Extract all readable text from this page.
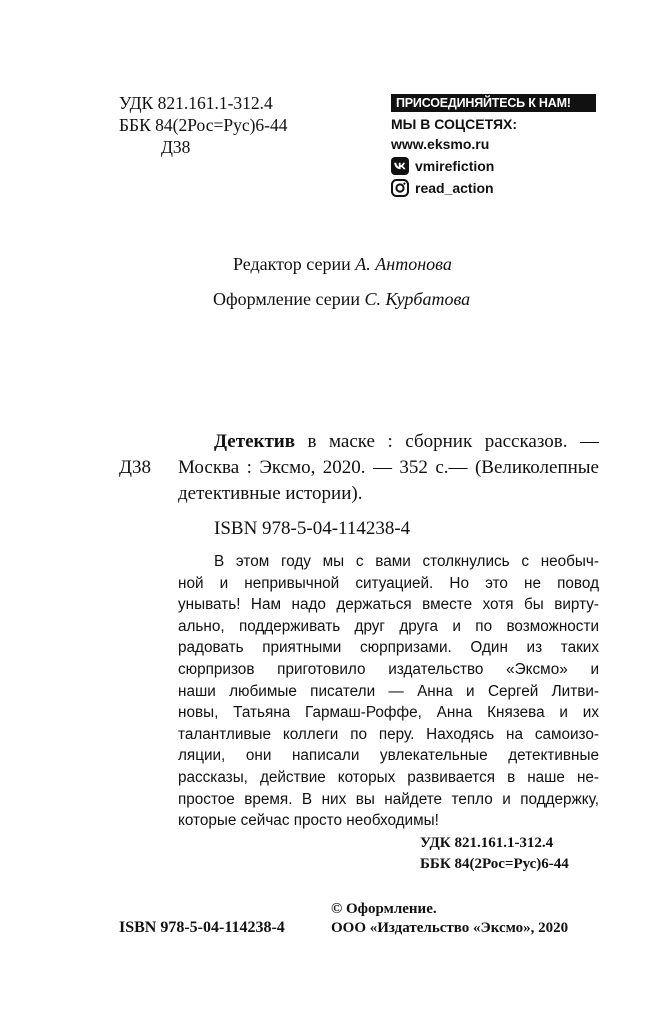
УДК 821.161.1-312.4
ББК 84(2Рос=Рус)6-44
Д38
ПРИСОЕДИНЯЙТЕСЬ К НАМ!
МЫ В СОЦСЕТЯХ:
www.eksmo.ru
vmirefiction
read_action
Редактор серии А. Антонова
Оформление серии С. Курбатова
Д38
Детектив в маске : сборник рассказов. — Москва : Эксмо, 2020. — 352 с.— (Великолепные детективные истории).
ISBN 978-5-04-114238-4
В этом году мы с вами столкнулись с необыч-
ной и непривычной ситуацией. Но это не повод
унывать! Нам надо держаться вместе хотя бы вирту-
ально, поддерживать друг друга и по возможности
радовать приятными сюрпризами. Один из таких
сюрпризов приготовило издательство «Эксмо» и
наши любимые писатели — Анна и Сергей Литви-
новы, Татьяна Гармаш-Роффе, Анна Князева и их
талантливые коллеги по перу. Находясь на самоизо-
ляции, они написали увлекательные детективные
рассказы, действие которых развивается в наше не-
простое время. В них вы найдете тепло и поддержку,
которые сейчас просто необходимы!
УДК 821.161.1-312.4
ББК 84(2Рос=Рус)6-44
ISBN 978-5-04-114238-4
© Оформление.
ООО «Издательство «Эксмо», 2020
